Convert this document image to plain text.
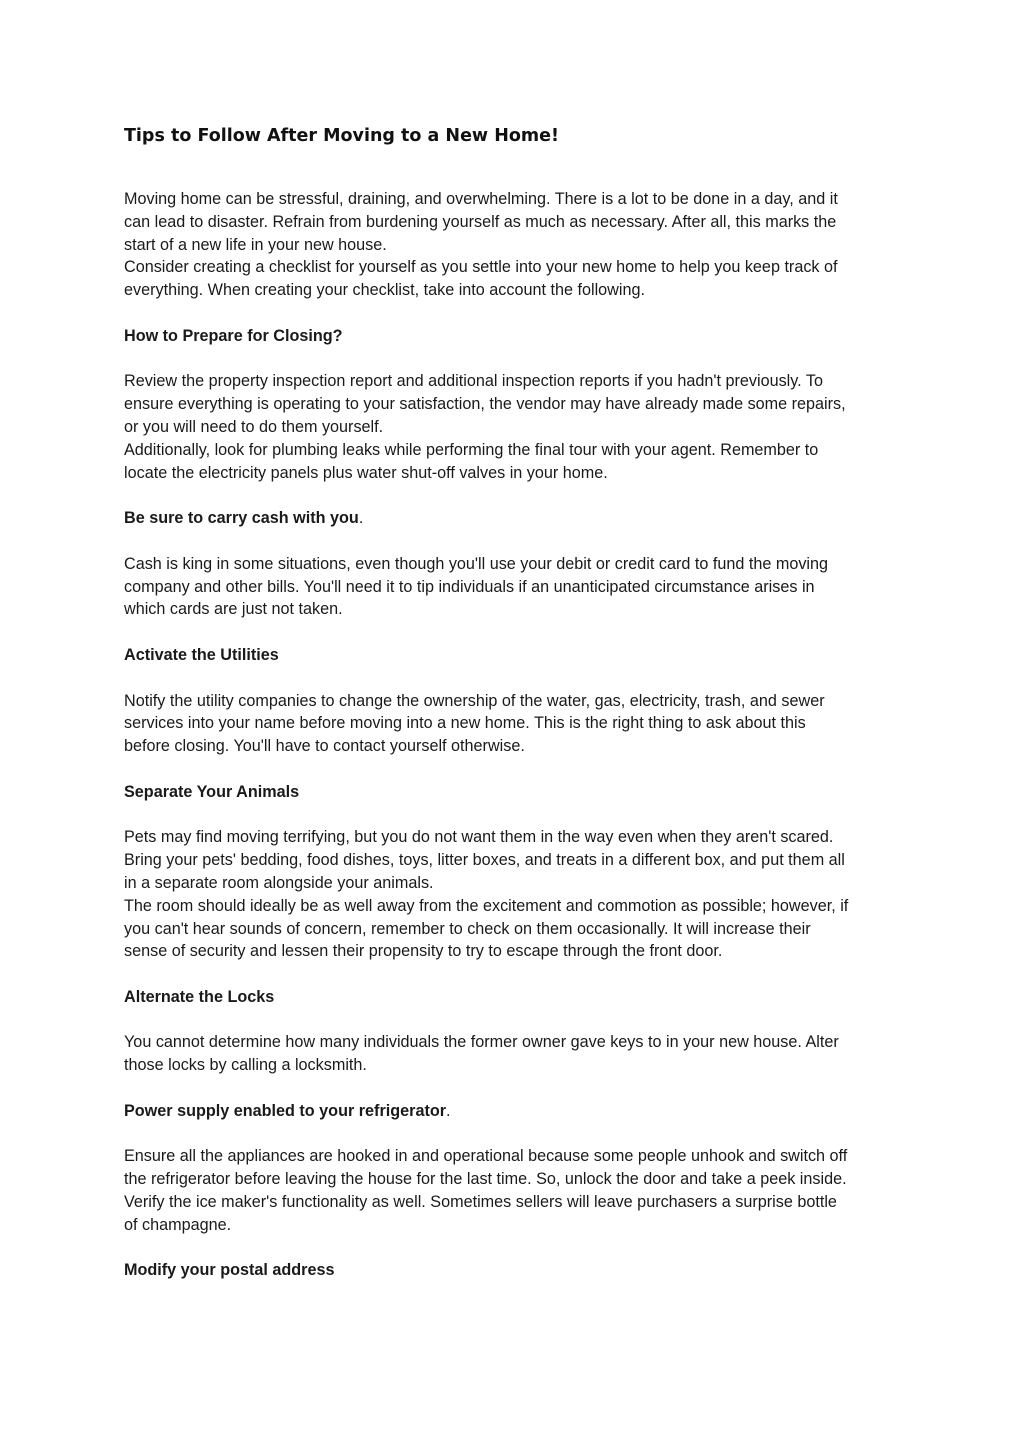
Tips to Follow After Moving to a New Home!

Moving home can be stressful, draining, and overwhelming. There is a lot to be done in a day, and it
can lead to disaster. Refrain from burdening yourself as much as necessary. After all, this marks the
start of a new life in your new house.

Consider creating a checklist for yourself as you settle into your new home to help you keep track of
everything. When creating your checklist, take into account the following.

How to Prepare for Closing?

Review the property inspection report and additional inspection reports if you hadn't previously. To
ensure everything is operating to your satisfaction, the vendor may have already made some repairs,
or you will need to do them yourself.

Additionally, look for plumbing leaks while performing the final tour with your agent. Remember to
locate the electricity panels plus water shut-off valves in your home.

Be sure to carry cash with you.

Cash is king in some situations, even though you'll use your debit or credit card to fund the moving
company and other bills. You'll need it to tip individuals if an unanticipated circumstance arises in
which cards are just not taken.

Activate the Utilities

Notify the utility companies to change the ownership of the water, gas, electricity, trash, and sewer
services into your name before moving into a new home. This is the right thing to ask about this
before closing. You'll have to contact yourself otherwise.

Separate Your Animals

Pets may find moving terrifying, but you do not want them in the way even when they aren't scared.
Bring your pets' bedding, food dishes, toys, litter boxes, and treats in a different box, and put them all
in a separate room alongside your animals.

The room should ideally be as well away from the excitement and commotion as possible; however, if
you can't hear sounds of concern, remember to check on them occasionally. It will increase their
sense of security and lessen their propensity to try to escape through the front door.

Alternate the Locks

You cannot determine how many individuals the former owner gave keys to in your new house. Alter
those locks by calling a locksmith.

Power supply enabled to your refrigerator.

Ensure all the appliances are hooked in and operational because some people unhook and switch off
the refrigerator before leaving the house for the last time. So, unlock the door and take a peek inside.
Verify the ice maker's functionality as well. Sometimes sellers will leave purchasers a surprise bottle
of champagne.

Modify your postal address
